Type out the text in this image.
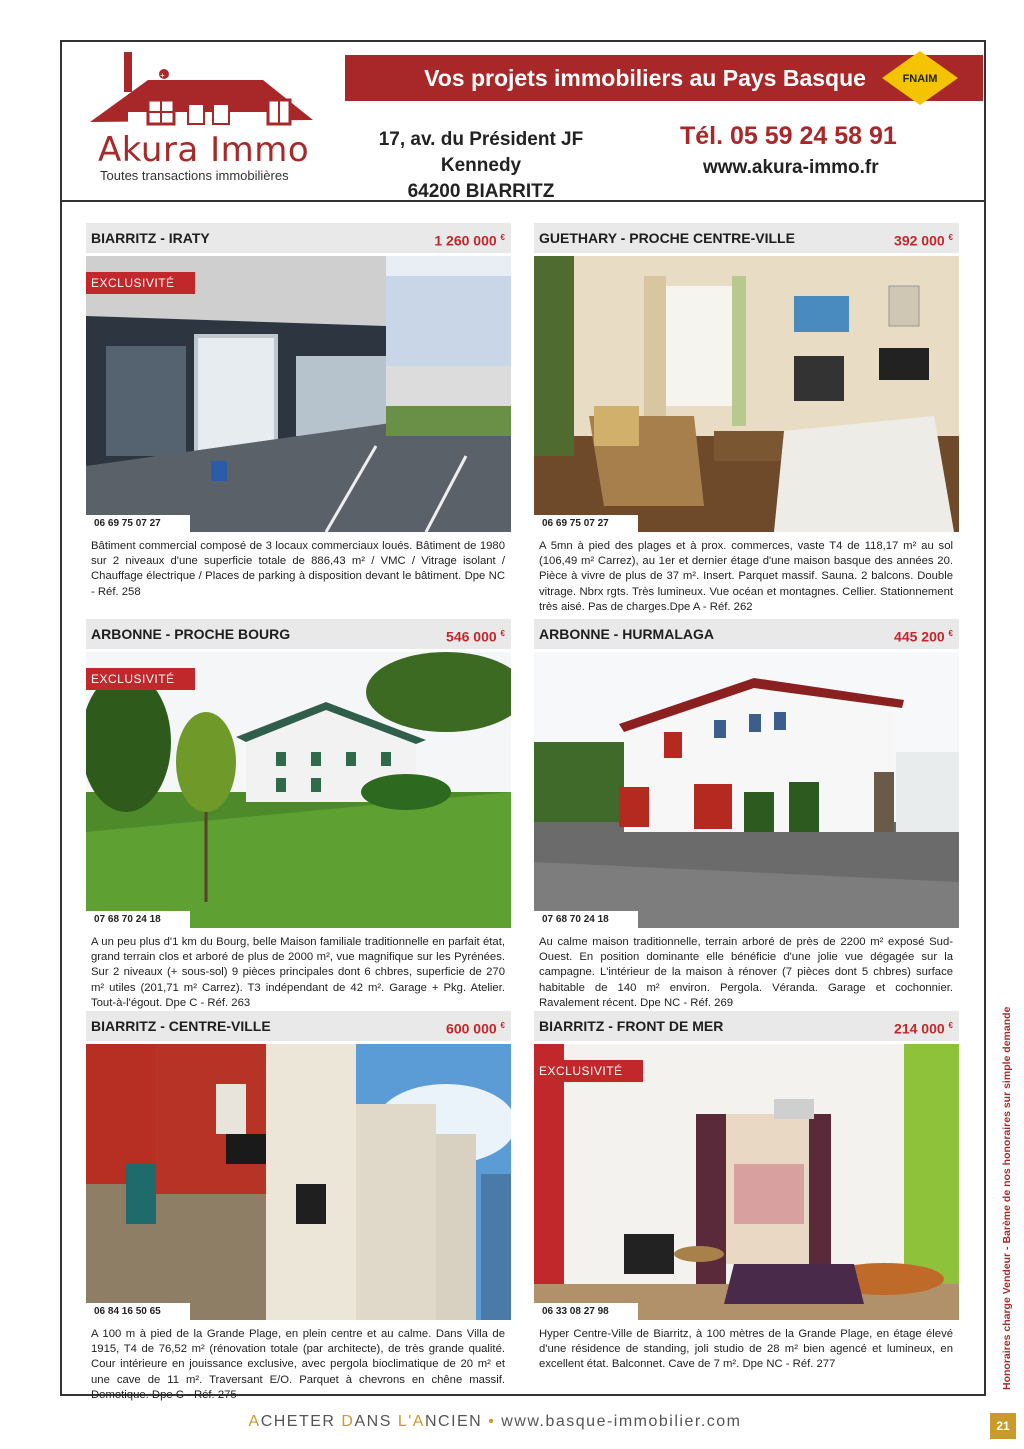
+
Akura Immo
Toutes transactions immobilières
Vos projets immobiliers au Pays Basque	FNAIM
17, av. du Président JF Kennedy
64200 BIARRITZ
Tél. 05 59 24 58 91
www.akura-immo.fr
BIARRITZ - IRATY	1 260 000 €
EXCLUSIVITÉ
06 69 75 07 27
Bâtiment commercial composé de 3 locaux commerciaux loués. Bâtiment de 1980 sur 2 niveaux d'une superficie totale de 886,43 m² / VMC / Vitrage isolant / Chauffage électrique / Places de parking à disposition devant le bâtiment. Dpe NC - Réf. 258
GUETHARY - PROCHE CENTRE-VILLE	392 000 €
06 69 75 07 27
A 5mn à pied des plages et à prox. commerces, vaste T4 de 118,17 m² au sol (106,49 m² Carrez), au 1er et dernier étage d'une maison basque des années 20. Pièce à vivre de plus de 37 m². Insert. Parquet massif. Sauna. 2 balcons. Double vitrage. Nbrx rgts. Très lumineux. Vue océan et montagnes. Cellier. Stationnement très aisé. Pas de charges.Dpe A - Réf. 262
ARBONNE - PROCHE BOURG	546 000 €
EXCLUSIVITÉ
07 68 70 24 18
A un peu plus d'1 km du Bourg, belle Maison familiale traditionnelle en parfait état, grand terrain clos et arboré de plus de 2000 m², vue magnifique sur les Pyrénées. Sur 2 niveaux (+ sous-sol) 9 pièces principales dont 6 chbres, superficie de 270 m² utiles (201,71 m² Carrez). T3 indépendant de 42 m². Garage + Pkg. Atelier. Tout-à-l'égout. Dpe C - Réf. 263
ARBONNE - HURMALAGA	445 200 €
07 68 70 24 18
Au calme maison traditionnelle, terrain arboré de près de 2200 m² exposé Sud-Ouest. En position dominante elle bénéficie d'une jolie vue dégagée sur la campagne. L'intérieur de la maison à rénover (7 pièces dont 5 chbres) surface habitable de 140 m² environ. Pergola. Véranda. Garage et cochonnier. Ravalement récent. Dpe NC - Réf. 269
BIARRITZ - CENTRE-VILLE	600 000 €
06 84 16 50 65
A 100 m à pied de la Grande Plage, en plein centre et au calme. Dans Villa de 1915, T4 de 76,52 m² (rénovation totale (par architecte), de très grande qualité. Cour intérieure en jouissance exclusive, avec pergola bioclimatique de 20 m² et une cave de 11 m². Traversant E/O. Parquet à chevrons en chêne massif. Domotique. Dpe C - Réf. 275
BIARRITZ - FRONT DE MER	214 000 €
EXCLUSIVITÉ
06 33 08 27 98
Hyper Centre-Ville de Biarritz, à 100 mètres de la Grande Plage, en étage élevé d'une résidence de standing, joli studio de 28 m² bien agencé et lumineux, en excellent état. Balconnet. Cave de 7 m². Dpe NC - Réf. 277
ACHETER DANS L'ANCIEN • www.basque-immobilier.com	21
Honoraires charge Vendeur - Barème de nos honoraires sur simple demande
